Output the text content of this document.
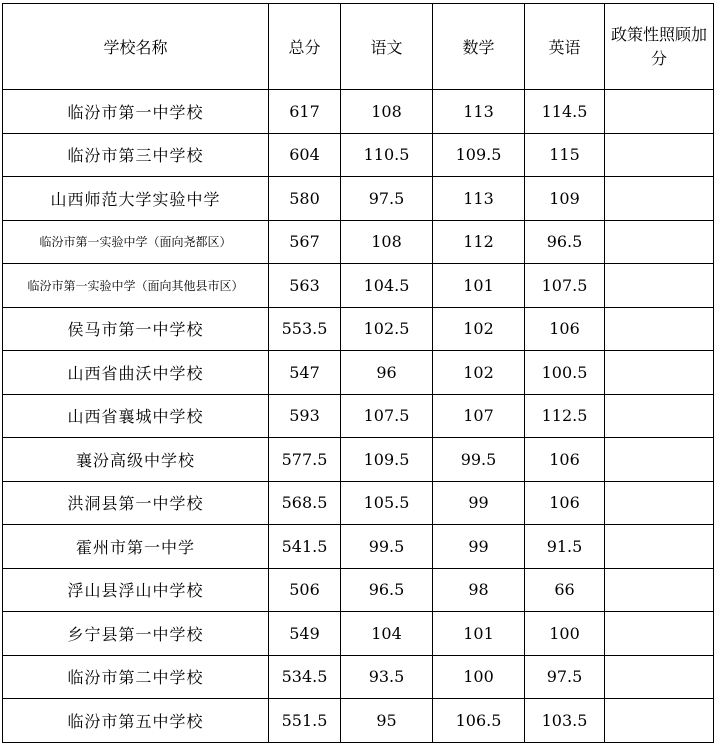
学校名称	总分	语文	数学	英语	政策性照顾加分
临汾市第一中学校	617	108	113	114.5	
临汾市第三中学校	604	110.5	109.5	115	
山西师范大学实验中学	580	97.5	113	109	
临汾市第一实验中学（面向尧都区）	567	108	112	96.5	
临汾市第一实验中学（面向其他县市区）	563	104.5	101	107.5	
侯马市第一中学校	553.5	102.5	102	106	
山西省曲沃中学校	547	96	102	100.5	
山西省襄城中学校	593	107.5	107	112.5	
襄汾高级中学校	577.5	109.5	99.5	106	
洪洞县第一中学校	568.5	105.5	99	106	
霍州市第一中学	541.5	99.5	99	91.5	
浮山县浮山中学校	506	96.5	98	66	
乡宁县第一中学校	549	104	101	100	
临汾市第二中学校	534.5	93.5	100	97.5	
临汾市第五中学校	551.5	95	106.5	103.5	
